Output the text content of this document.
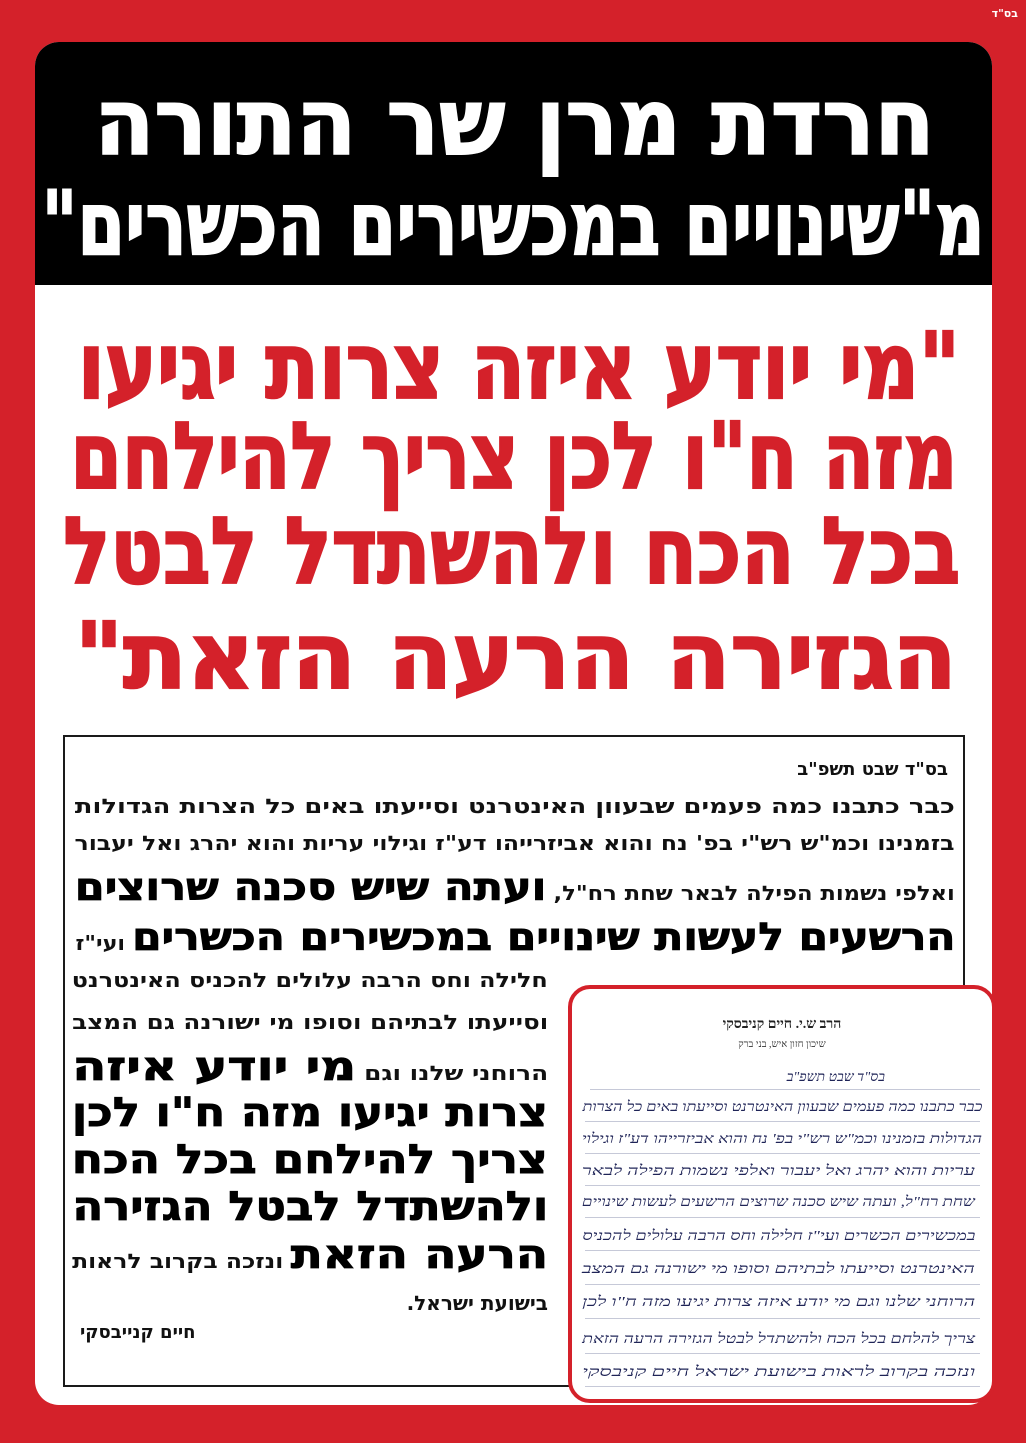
בס"ד
חרדת מרן שר התורה
מ"שינויים במכשירים הכשרים"
"מי יודע איזה צרות יגיעו
מזה ח"ו לכן צריך להילחם
בכל הכח ולהשתדל לבטל
הגזירה הרעה הזאת"
בס"ד שבט תשפ"ב
כבר כתבנו כמה פעמים שבעוון האינטרנט וסייעתו באים כל הצרות הגדולות
בזמנינו וכמ"ש רש"י בפ' נח והוא אביזרייהו דע"ז וגילוי עריות והוא יהרג ואל יעבור
ואלפי נשמות הפילה לבאר שחת רח"ל, ועתה שיש סכנה שרוצים
הרשעים לעשות שינויים במכשירים הכשרים ועי"ז
חלילה וחס הרבה עלולים להכניס האינטרנט
וסייעתו לבתיהם וסופו מי ישורנה גם המצב
הרוחני שלנו וגם מי יודע איזה
צרות יגיעו מזה ח"ו לכן
צריך להילחם בכל הכח
ולהשתדל לבטל הגזירה
הרעה הזאת ונזכה בקרוב לראות
בישועת ישראל.
חיים קנייבסקי
הרב ש.י. חיים קניבסקי
שיכון חזון איש, בני ברק
בס"ד שבט תשפ"ב
כבר כתבנו כמה פעמים שבעוון האינטרנט וסייעתו באים כל הצרות
הגדולות בזמנינו וכמ"ש רש"י בפ' נח והוא אביזרייהו דע"ז וגילוי
עריות והוא יהרג ואל יעבור ואלפי נשמות הפילה לבאר
שחת רח"ל, ועתה שיש סכנה שרוצים הרשעים לעשות שינויים
במכשירים הכשרים ועי"ז חלילה וחס הרבה עלולים להכניס
האינטרנט וסייעתו לבתיהם וסופו מי ישורנה גם המצב
הרוחני שלנו וגם מי יודע איזה צרות יגיעו מזה ח"ו לכן
צריך להלחם בכל הכח ולהשתדל לבטל הגזירה הרעה הזאת
ונזכה בקרוב לראות בישועת ישראל חיים קניבסקי
